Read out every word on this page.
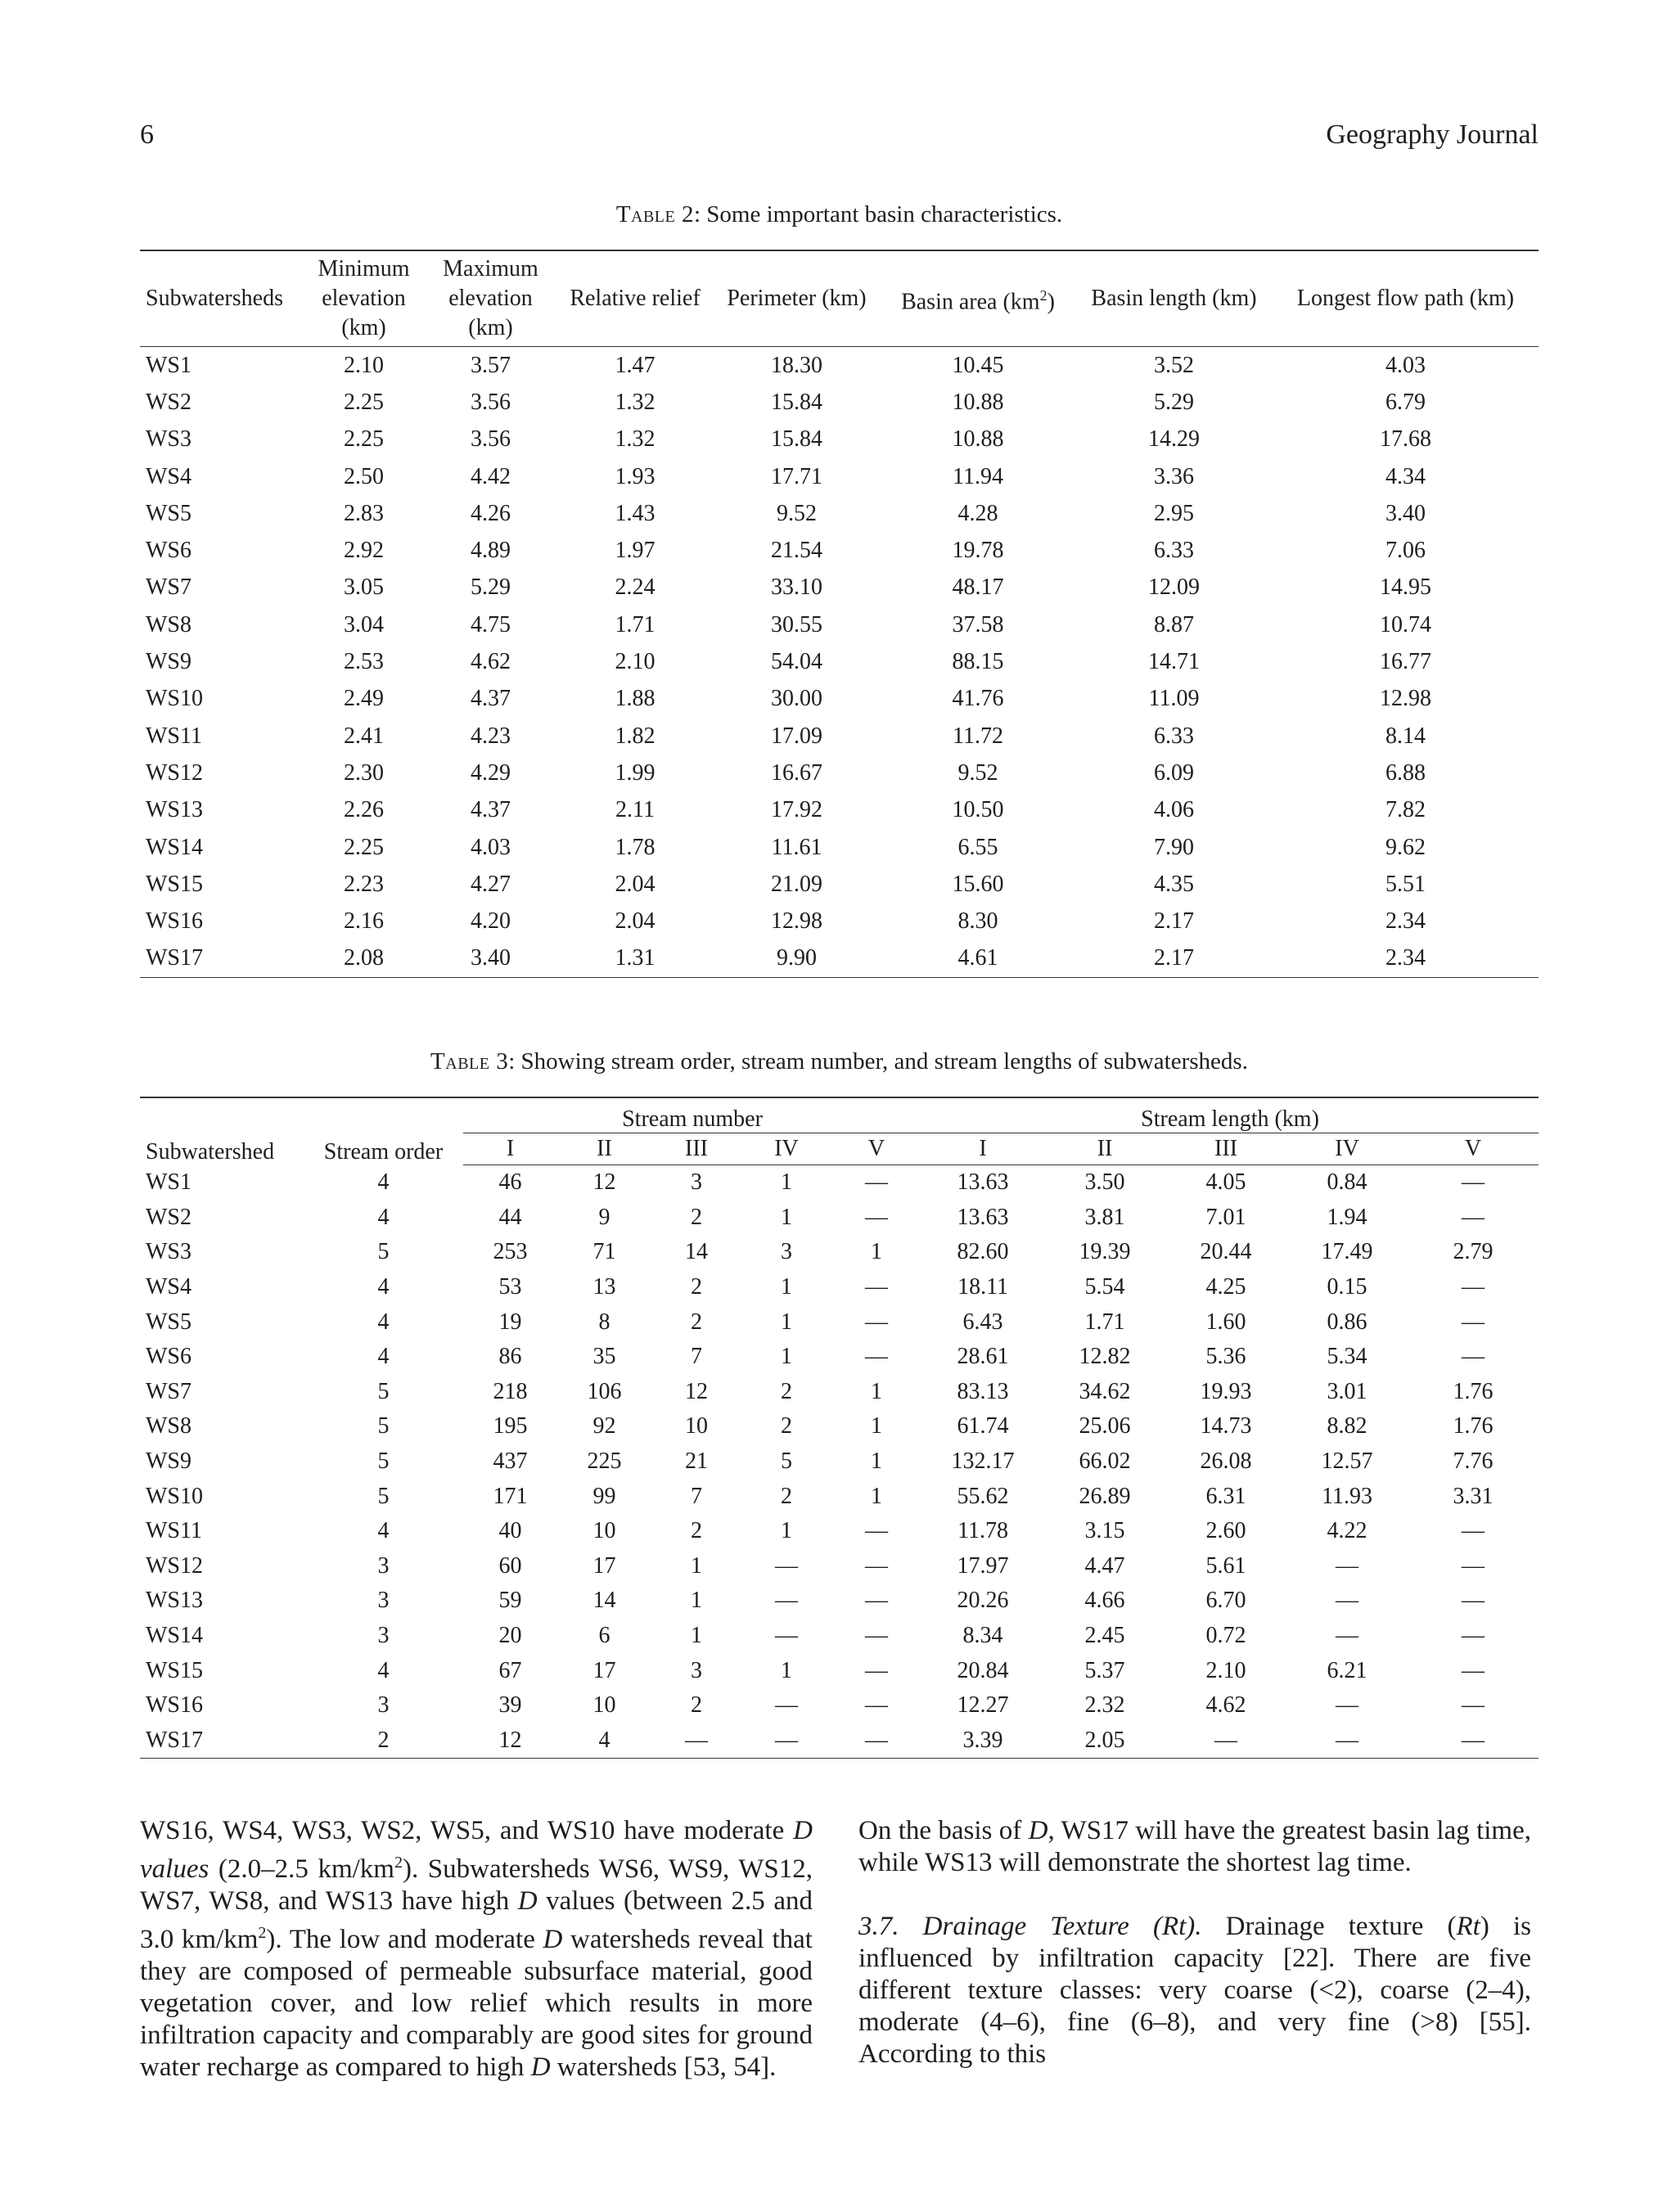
6	Geography Journal
Table 2: Some important basin characteristics.
Subwatersheds	Minimum
elevation
(km)	Maximum
elevation
(km)	Relative relief	Perimeter (km)	Basin area $(km^2)$	Basin length (km)	Longest flow path (km)
WS1	2.10	3.57	1.47	18.30	10.45	3.52	4.03
WS2	2.25	3.56	1.32	15.84	10.88	5.29	6.79
WS3	2.25	3.56	1.32	15.84	10.88	14.29	17.68
WS4	2.50	4.42	1.93	17.71	11.94	3.36	4.34
WS5	2.83	4.26	1.43	9.52	4.28	2.95	3.40
WS6	2.92	4.89	1.97	21.54	19.78	6.33	7.06
WS7	3.05	5.29	2.24	33.10	48.17	12.09	14.95
WS8	3.04	4.75	1.71	30.55	37.58	8.87	10.74
WS9	2.53	4.62	2.10	54.04	88.15	14.71	16.77
WS10	2.49	4.37	1.88	30.00	41.76	11.09	12.98
WS11	2.41	4.23	1.82	17.09	11.72	6.33	8.14
WS12	2.30	4.29	1.99	16.67	9.52	6.09	6.88
WS13	2.26	4.37	2.11	17.92	10.50	4.06	7.82
WS14	2.25	4.03	1.78	11.61	6.55	7.90	9.62
WS15	2.23	4.27	2.04	21.09	15.60	4.35	5.51
WS16	2.16	4.20	2.04	12.98	8.30	2.17	2.34
WS17	2.08	3.40	1.31	9.90	4.61	2.17	2.34
Table 3: Showing stream order, stream number, and stream lengths of subwatersheds.
Subwatershed	Stream order	Stream number					Stream length (km)				
		I	II	III	IV	V	I	II	III	IV	V
WS1	4	46	12	3	1	—	13.63	3.50	4.05	0.84	—
WS2	4	44	9	2	1	—	13.63	3.81	7.01	1.94	—
WS3	5	253	71	14	3	1	82.60	19.39	20.44	17.49	2.79
WS4	4	53	13	2	1	—	18.11	5.54	4.25	0.15	—
WS5	4	19	8	2	1	—	6.43	1.71	1.60	0.86	—
WS6	4	86	35	7	1	—	28.61	12.82	5.36	5.34	—
WS7	5	218	106	12	2	1	83.13	34.62	19.93	3.01	1.76
WS8	5	195	92	10	2	1	61.74	25.06	14.73	8.82	1.76
WS9	5	437	225	21	5	1	132.17	66.02	26.08	12.57	7.76
WS10	5	171	99	7	2	1	55.62	26.89	6.31	11.93	3.31
WS11	4	40	10	2	1	—	11.78	3.15	2.60	4.22	—
WS12	3	60	17	1	—	—	17.97	4.47	5.61	—	—
WS13	3	59	14	1	—	—	20.26	4.66	6.70	—	—
WS14	3	20	6	1	—	—	8.34	2.45	0.72	—	—
WS15	4	67	17	3	1	—	20.84	5.37	2.10	6.21	—
WS16	3	39	10	2	—	—	12.27	2.32	4.62	—	—
WS17	2	12	4	—	—	—	3.39	2.05	—	—	—
WS16, WS4, WS3, WS2, WS5, and WS10 have moderate D values (2.0–2.5 $km/km^2$). Subwatersheds WS6, WS9, WS12, WS7, WS8, and WS13 have high D values (between 2.5 and 3.0 $km/km^2$). The low and moderate D watersheds reveal that they are composed of permeable subsurface material, good vegetation cover, and low relief which results in more infiltration capacity and comparably are good sites for ground water recharge as compared to high D watersheds [53, 54].
On the basis of D, WS17 will have the greatest basin lag time, while WS13 will demonstrate the shortest lag time.
3.7. Drainage Texture (Rt). Drainage texture (Rt) is influenced by infiltration capacity [22]. There are five different texture classes: very coarse (<2), coarse (2–4), moderate (4–6), fine (6–8), and very fine (>8) [55]. According to this
